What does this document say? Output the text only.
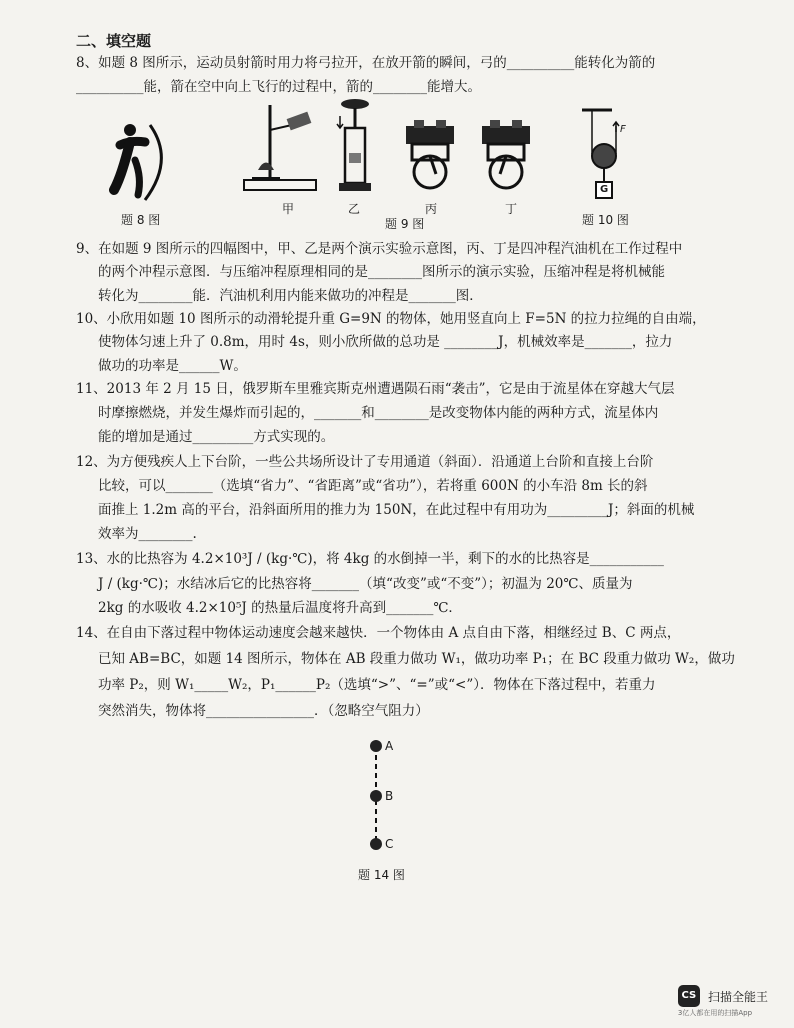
二、填空题
8、如题 8 图所示，运动员射箭时用力将弓拉开，在放开箭的瞬间，弓的__________能转化为箭的
__________能，箭在空中向上飞行的过程中，箭的________能增大。
题 8 图
甲	乙	丙	丁
题 9 图
F
G
题 10 图
9、在如题 9 图所示的四幅图中，甲、乙是两个演示实验示意图，丙、丁是四冲程汽油机在工作过程中
的两个冲程示意图．与压缩冲程原理相同的是________图所示的演示实验，压缩冲程是将机械能
转化为________能．汽油机利用内能来做功的冲程是_______图．
10、小欣用如题 10 图所示的动滑轮提升重 G=9N 的物体，她用竖直向上 F=5N 的拉力拉绳的自由端，
使物体匀速上升了 0.8m，用时 4s，则小欣所做的总功是 ________J，机械效率是_______，拉力
做功的功率是______W。
11、2013 年 2 月 15 日，俄罗斯车里雅宾斯克州遭遇陨石雨“袭击”，它是由于流星体在穿越大气层
时摩擦燃烧，并发生爆炸而引起的，_______和________是改变物体内能的两种方式，流星体内
能的增加是通过_________方式实现的。
12、为方便残疾人上下台阶，一些公共场所设计了专用通道（斜面）．沿通道上台阶和直接上台阶
比较，可以_______（选填“省力”、“省距离”或“省功”），若将重 600N 的小车沿 8m 长的斜
面推上 1.2m 高的平台，沿斜面所用的推力为 150N，在此过程中有用功为_________J；斜面的机械
效率为________.
13、水的比热容为 4.2×10³J / (kg·℃)，将 4kg 的水倒掉一半，剩下的水的比热容是___________
J / (kg·℃)；水结冰后它的比热容将_______（填“改变”或“不变”）；初温为 20℃、质量为
2kg 的水吸收 4.2×10⁵J 的热量后温度将升高到_______℃．
14、在自由下落过程中物体运动速度会越来越快．一个物体由 A 点自由下落，相继经过 B、C 两点，
已知 AB=BC，如题 14 图所示，物体在 AB 段重力做功 W₁，做功功率 P₁；在 BC 段重力做功 W₂，做功
功率 P₂，则 W₁_____W₂，P₁______P₂（选填“>”、“=”或“<”）．物体在下落过程中，若重力
突然消失，物体将________________．（忽略空气阻力）
A
B
C
题 14 图
CS 扫描全能王
3亿人都在用的扫描App
